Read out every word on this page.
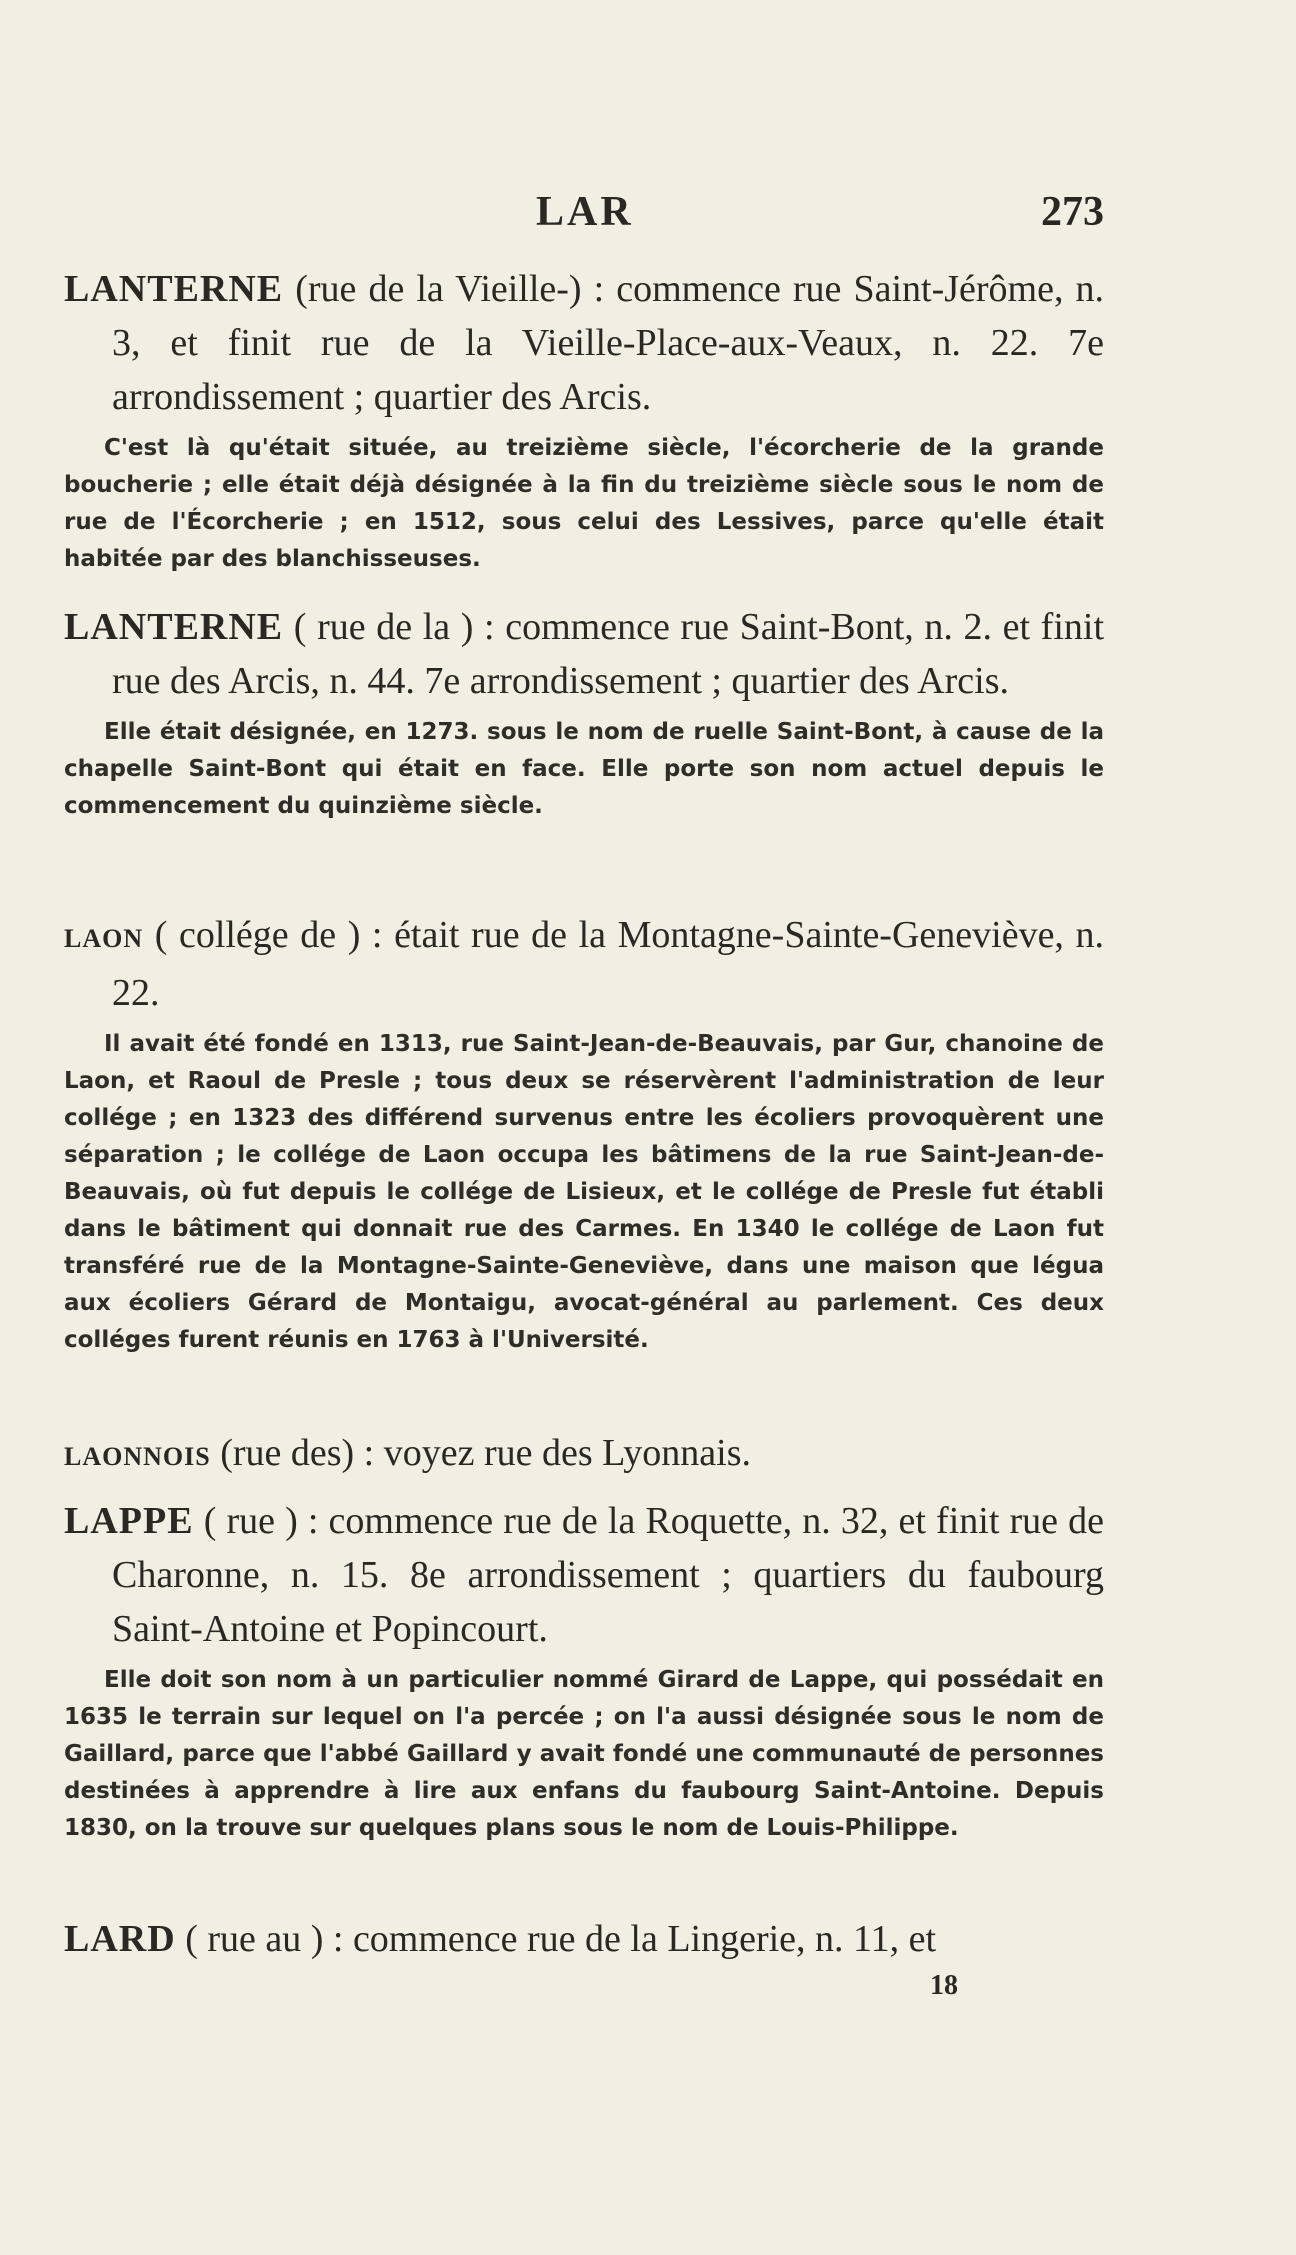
LAR	273
LANTERNE (rue de la Vieille-) : commence rue Saint-Jérôme, n. 3, et finit rue de la Vieille-Place-aux-Veaux, n. 22. 7e arrondissement ; quartier des Arcis.
C'est là qu'était située, au treizième siècle, l'écorcherie de la grande boucherie ; elle était déjà désignée à la fin du treizième siècle sous le nom de rue de l'Écorcherie ; en 1512, sous celui des Lessives, parce qu'elle était habitée par des blanchisseuses.
LANTERNE ( rue de la ) : commence rue Saint-Bont, n. 2. et finit rue des Arcis, n. 44. 7e arrondissement ; quartier des Arcis.
Elle était désignée, en 1273. sous le nom de ruelle Saint-Bont, à cause de la chapelle Saint-Bont qui était en face. Elle porte son nom actuel depuis le commencement du quinzième siècle.
LAON ( collége de ) : était rue de la Montagne-Sainte-Geneviève, n. 22.
Il avait été fondé en 1313, rue Saint-Jean-de-Beauvais, par Gur, chanoine de Laon, et Raoul de Presle ; tous deux se réservèrent l'administration de leur collége ; en 1323 des différend survenus entre les écoliers provoquèrent une séparation ; le collége de Laon occupa les bâtimens de la rue Saint-Jean-de-Beauvais, où fut depuis le collége de Lisieux, et le collége de Presle fut établi dans le bâtiment qui donnait rue des Carmes. En 1340 le collége de Laon fut transféré rue de la Montagne-Sainte-Geneviève, dans une maison que légua aux écoliers Gérard de Montaigu, avocat-général au parlement. Ces deux colléges furent réunis en 1763 à l'Université.
LAONNOIS (rue des) : voyez rue des Lyonnais.
LAPPE ( rue ) : commence rue de la Roquette, n. 32, et finit rue de Charonne, n. 15. 8e arrondissement ; quartiers du faubourg Saint-Antoine et Popincourt.
Elle doit son nom à un particulier nommé Girard de Lappe, qui possédait en 1635 le terrain sur lequel on l'a percée ; on l'a aussi désignée sous le nom de Gaillard, parce que l'abbé Gaillard y avait fondé une communauté de personnes destinées à apprendre à lire aux enfans du faubourg Saint-Antoine. Depuis 1830, on la trouve sur quelques plans sous le nom de Louis-Philippe.
LARD ( rue au ) : commence rue de la Lingerie, n. 11, et
18
